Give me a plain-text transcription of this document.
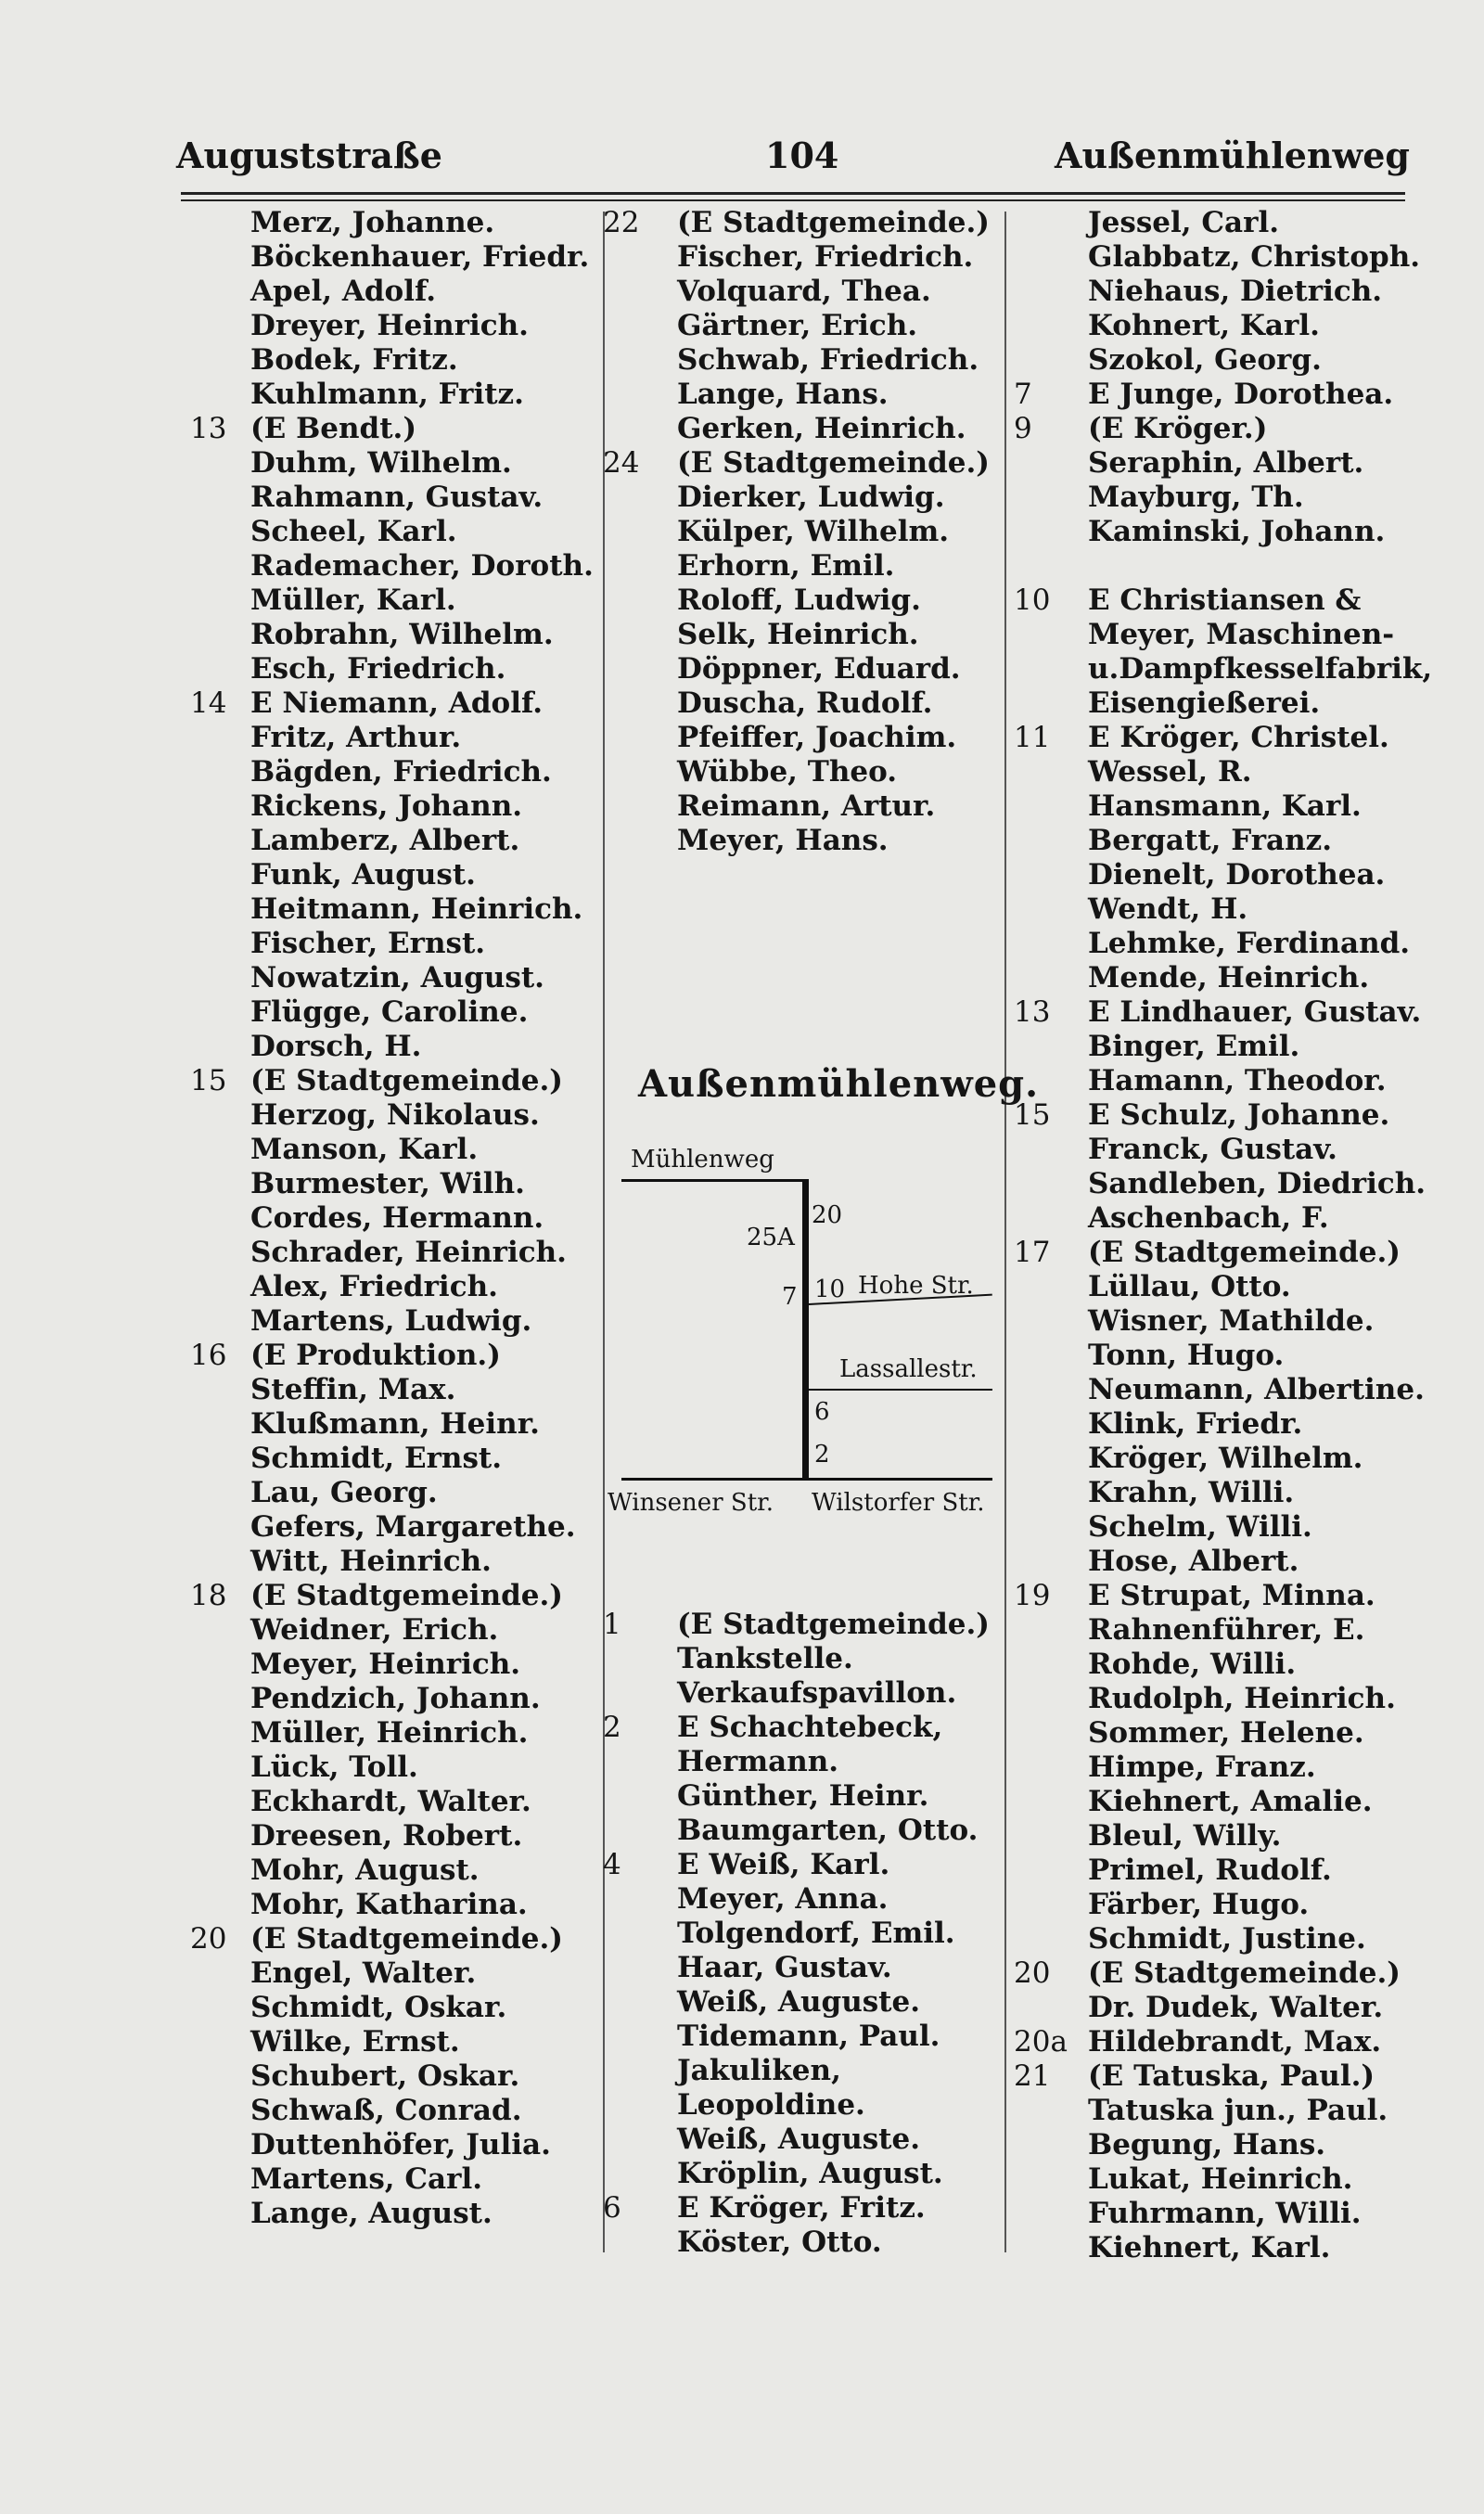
Auguststraße	104	Außenmühlenweg
Merz, Johanne.
Böckenhauer, Friedr.
Apel, Adolf.
Dreyer, Heinrich.
Bodek, Fritz.
Kuhlmann, Fritz.
13 (E Bendt.)
Duhm, Wilhelm.
Rahmann, Gustav.
Scheel, Karl.
Rademacher, Doroth.
Müller, Karl.
Robrahn, Wilhelm.
Esch, Friedrich.
14 E Niemann, Adolf.
Fritz, Arthur.
Bägden, Friedrich.
Rickens, Johann.
Lamberz, Albert.
Funk, August.
Heitmann, Heinrich.
Fischer, Ernst.
Nowatzin, August.
Flügge, Caroline.
Dorsch, H.
15 (E Stadtgemeinde.)
Herzog, Nikolaus.
Manson, Karl.
Burmester, Wilh.
Cordes, Hermann.
Schrader, Heinrich.
Alex, Friedrich.
Martens, Ludwig.
16 (E Produktion.)
Steffin, Max.
Klußmann, Heinr.
Schmidt, Ernst.
Lau, Georg.
Gefers, Margarethe.
Witt, Heinrich.
18 (E Stadtgemeinde.)
Weidner, Erich.
Meyer, Heinrich.
Pendzich, Johann.
Müller, Heinrich.
Lück, Toll.
Eckhardt, Walter.
Dreesen, Robert.
Mohr, August.
Mohr, Katharina.
20 (E Stadtgemeinde.)
Engel, Walter.
Schmidt, Oskar.
Wilke, Ernst.
Schubert, Oskar.
Schwaß, Conrad.
Duttenhöfer, Julia.
Martens, Carl.
Lange, August.
22	(E Stadtgemeinde.)
Fischer, Friedrich.
Volquard, Thea.
Gärtner, Erich.
Schwab, Friedrich.
Lange, Hans.
Gerken, Heinrich.
24	(E Stadtgemeinde.)
Dierker, Ludwig.
Külper, Wilhelm.
Erhorn, Emil.
Roloff, Ludwig.
Selk, Heinrich.
Döppner, Eduard.
Duscha, Rudolf.
Pfeiffer, Joachim.
Wübbe, Theo.
Reimann, Artur.
Meyer, Hans.
Außenmühlenweg.
Mühlenweg
25A
20
7 10 Hohe Str.
Lassallestr.
6
2
Winsener Str. Wilstorfer Str.
1	(E Stadtgemeinde.)
Tankstelle.
Verkaufspavillon.
2	E Schachtebeck,
Hermann.
Günther, Heinr.
Baumgarten, Otto.
4	E Weiß, Karl.
Meyer, Anna.
Tolgendorf, Emil.
Haar, Gustav.
Weiß, Auguste.
Tidemann, Paul.
Jakuliken,
Leopoldine.
Weiß, Auguste.
Kröplin, August.
6	E Kröger, Fritz.
Köster, Otto.
Jessel, Carl.
Glabbatz, Christoph.
Niehaus, Dietrich.
Kohnert, Karl.
Szokol, Georg.
7	E Junge, Dorothea.
9	(E Kröger.)
Seraphin, Albert.
Mayburg, Th.
Kaminski, Johann.
10	E Christiansen &
Meyer, Maschinen-
u.Dampfkesselfabrik,
Eisengießerei.
11	E Kröger, Christel.
Wessel, R.
Hansmann, Karl.
Bergatt, Franz.
Dienelt, Dorothea.
Wendt, H.
Lehmke, Ferdinand.
Mende, Heinrich.
13	E Lindhauer, Gustav.
Binger, Emil.
Hamann, Theodor.
15	E Schulz, Johanne.
Franck, Gustav.
Sandleben, Diedrich.
Aschenbach, F.
17	(E Stadtgemeinde.)
Lüllau, Otto.
Wisner, Mathilde.
Tonn, Hugo.
Neumann, Albertine.
Klink, Friedr.
Kröger, Wilhelm.
Krahn, Willi.
Schelm, Willi.
Hose, Albert.
19	E Strupat, Minna.
Rahnenführer, E.
Rohde, Willi.
Rudolph, Heinrich.
Sommer, Helene.
Himpe, Franz.
Kiehnert, Amalie.
Bleul, Willy.
Primel, Rudolf.
Färber, Hugo.
Schmidt, Justine.
20	(E Stadtgemeinde.)
Dr. Dudek, Walter.
20a Hildebrandt, Max.
21	(E Tatuska, Paul.)
Tatuska jun., Paul.
Begung, Hans.
Lukat, Heinrich.
Fuhrmann, Willi.
Kiehnert, Karl.
